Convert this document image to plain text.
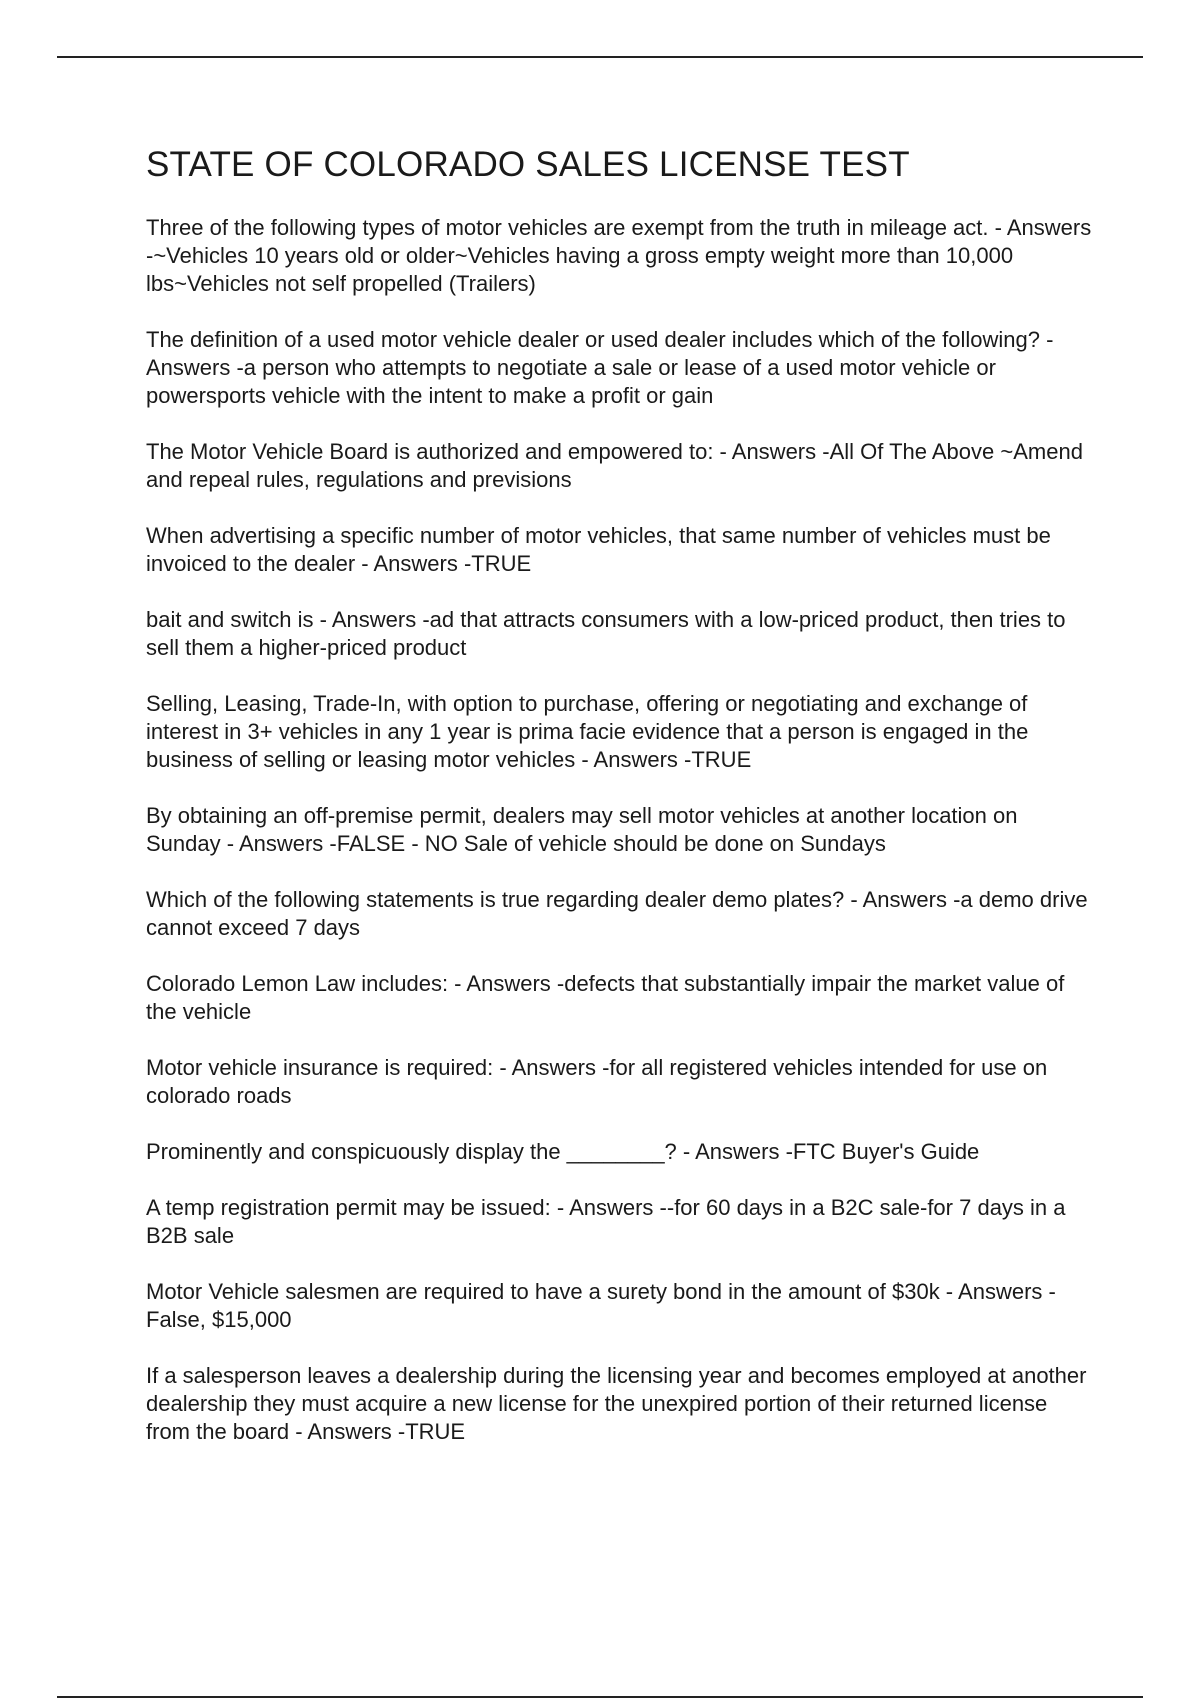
STATE OF COLORADO SALES LICENSE TEST

Three of the following types of motor vehicles are exempt from the truth in mileage act. - Answers -~Vehicles 10 years old or older~Vehicles having a gross empty weight more than 10,000 lbs~Vehicles not self propelled (Trailers)

The definition of a used motor vehicle dealer or used dealer includes which of the following? - Answers -a person who attempts to negotiate a sale or lease of a used motor vehicle or powersports vehicle with the intent to make a profit or gain

The Motor Vehicle Board is authorized and empowered to: - Answers -All Of The Above ~Amend and repeal rules, regulations and previsions

When advertising a specific number of motor vehicles, that same number of vehicles must be invoiced to the dealer - Answers -TRUE

bait and switch is - Answers -ad that attracts consumers with a low-priced product, then tries to sell them a higher-priced product

Selling, Leasing, Trade-In, with option to purchase, offering or negotiating and exchange of interest in 3+ vehicles in any 1 year is prima facie evidence that a person is engaged in the business of selling or leasing motor vehicles - Answers -TRUE

By obtaining an off-premise permit, dealers may sell motor vehicles at another location on Sunday - Answers -FALSE - NO Sale of vehicle should be done on Sundays

Which of the following statements is true regarding dealer demo plates? - Answers -a demo drive cannot exceed 7 days

Colorado Lemon Law includes: - Answers -defects that substantially impair the market value of the vehicle

Motor vehicle insurance is required: - Answers -for all registered vehicles intended for use on colorado roads

Prominently and conspicuously display the ________? - Answers -FTC Buyer's Guide

A temp registration permit may be issued: - Answers --for 60 days in a B2C sale-for 7 days in a B2B sale

Motor Vehicle salesmen are required to have a surety bond in the amount of $30k - Answers -False, $15,000

If a salesperson leaves a dealership during the licensing year and becomes employed at another dealership they must acquire a new license for the unexpired portion of their returned license from the board - Answers -TRUE
